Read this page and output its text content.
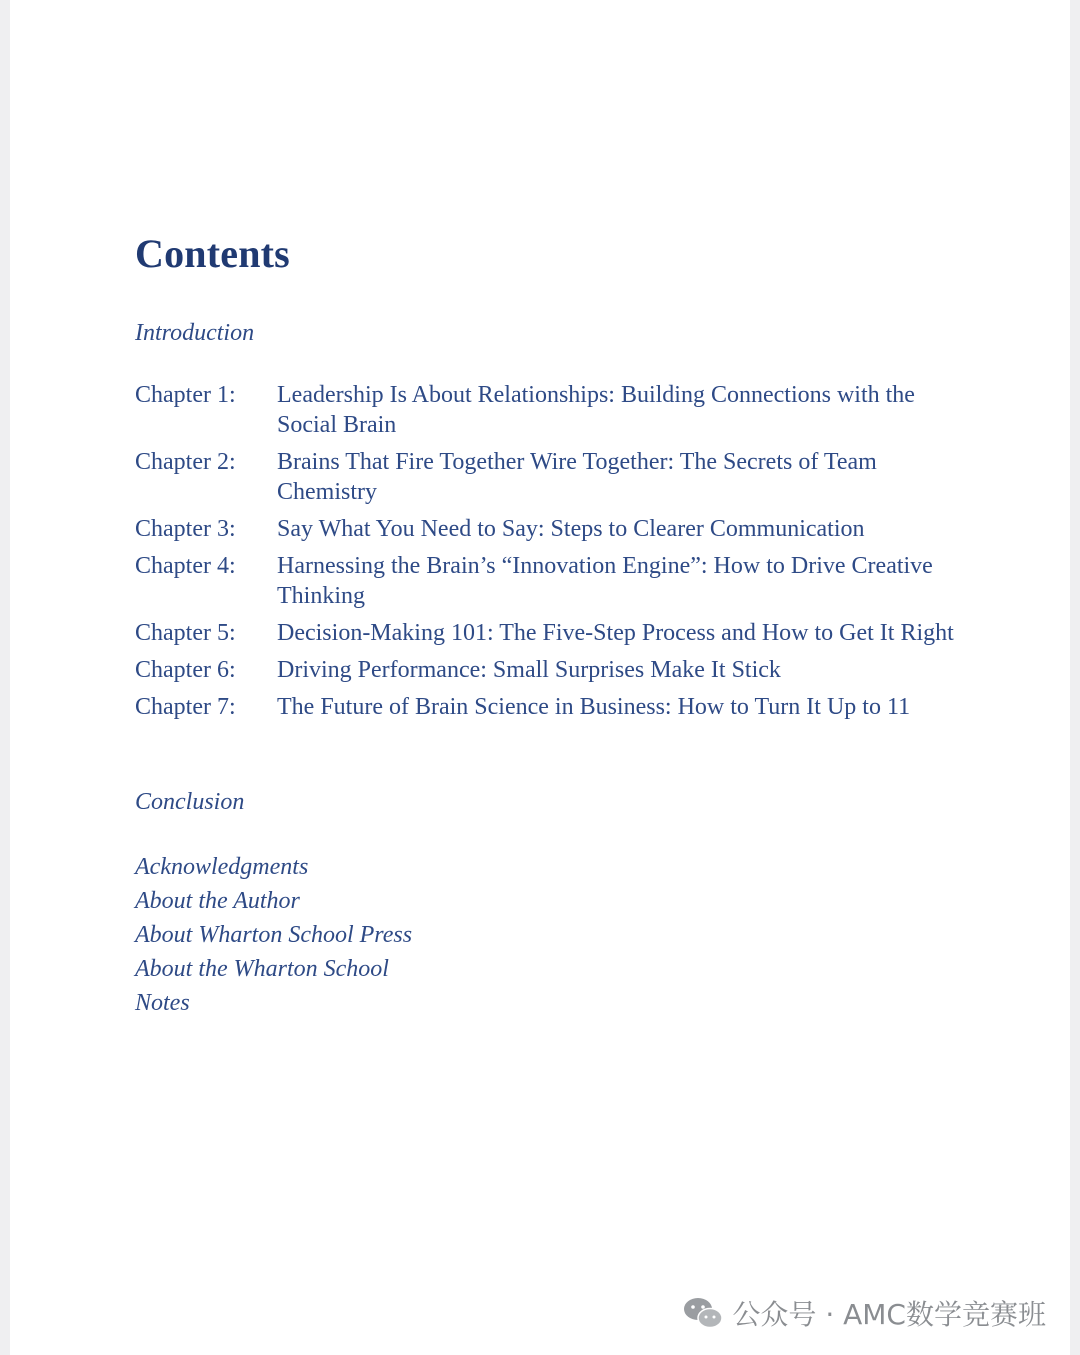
Contents
Introduction
Chapter 1:	Leadership Is About Relationships: Building Connections with the Social Brain
Chapter 2:	Brains That Fire Together Wire Together: The Secrets of Team Chemistry
Chapter 3:	Say What You Need to Say: Steps to Clearer Communication
Chapter 4:	Harnessing the Brain’s “Innovation Engine”: How to Drive Creative Thinking
Chapter 5:	Decision-Making 101: The Five-Step Process and How to Get It Right
Chapter 6:	Driving Performance: Small Surprises Make It Stick
Chapter 7:	The Future of Brain Science in Business: How to Turn It Up to 11
Conclusion
Acknowledgments
About the Author
About Wharton School Press
About the Wharton School
Notes
公众号 · AMC数学竞赛班
